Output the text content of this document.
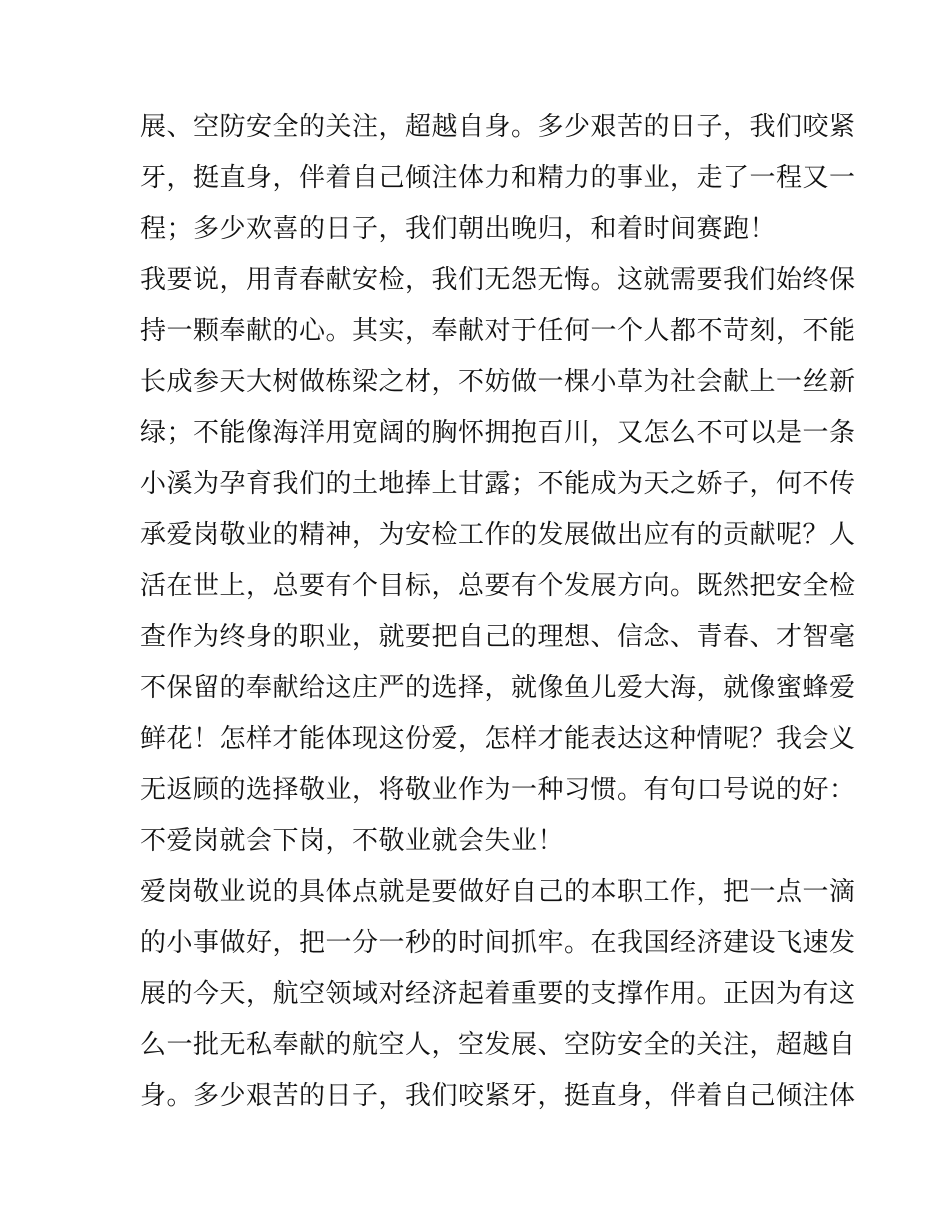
展、空防安全的关注，超越自身。多少艰苦的日子，我们咬紧
牙，挺直身，伴着自己倾注体力和精力的事业，走了一程又一
程；多少欢喜的日子，我们朝出晚归，和着时间赛跑！
我要说，用青春献安检，我们无怨无悔。这就需要我们始终保
持一颗奉献的心。其实，奉献对于任何一个人都不苛刻，不能
长成参天大树做栋梁之材，不妨做一棵小草为社会献上一丝新
绿；不能像海洋用宽阔的胸怀拥抱百川，又怎么不可以是一条
小溪为孕育我们的土地捧上甘露；不能成为天之娇子，何不传
承爱岗敬业的精神，为安检工作的发展做出应有的贡献呢？人
活在世上，总要有个目标，总要有个发展方向。既然把安全检
查作为终身的职业，就要把自己的理想、信念、青春、才智毫
不保留的奉献给这庄严的选择，就像鱼儿爱大海，就像蜜蜂爱
鲜花！怎样才能体现这份爱，怎样才能表达这种情呢？我会义
无返顾的选择敬业，将敬业作为一种习惯。有句口号说的好：
不爱岗就会下岗，不敬业就会失业！
爱岗敬业说的具体点就是要做好自己的本职工作，把一点一滴
的小事做好，把一分一秒的时间抓牢。在我国经济建设飞速发
展的今天，航空领域对经济起着重要的支撑作用。正因为有这
么一批无私奉献的航空人，空发展、空防安全的关注，超越自
身。多少艰苦的日子，我们咬紧牙，挺直身，伴着自己倾注体
